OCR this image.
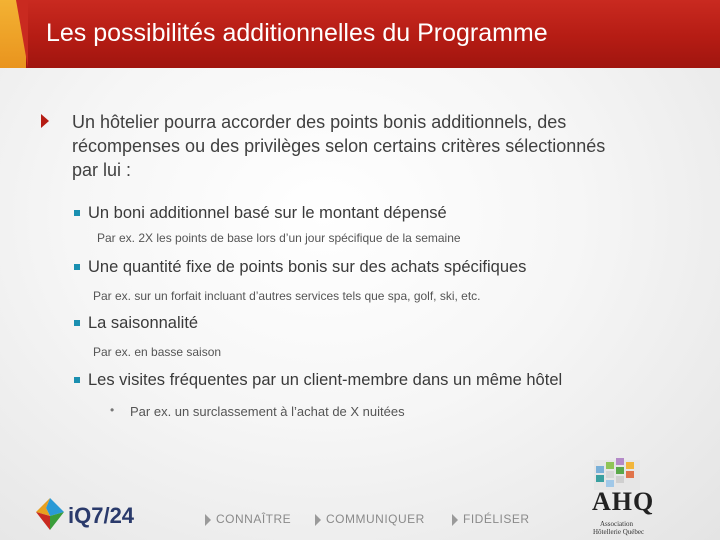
Les possibilités additionnelles du Programme
Un hôtelier pourra accorder des points bonis additionnels, des récompenses ou des privilèges selon certains critères sélectionnés par lui :
Un boni additionnel basé sur le montant dépensé
Par ex. 2X les points de base lors d’un jour spécifique de la semaine
Une quantité fixe de points bonis sur des achats spécifiques
Par ex. sur un forfait incluant d’autres services tels que spa, golf, ski, etc.
La saisonnalité
Par ex. en basse saison
Les visites fréquentes par un client-membre dans un même hôtel
• Par ex. un surclassement à l’achat de X nuitées
iQ7/24	CONNAÎTRE	COMMUNIQUER	FIDÉLISER
AHQ
Association
Hôtellerie Québec
